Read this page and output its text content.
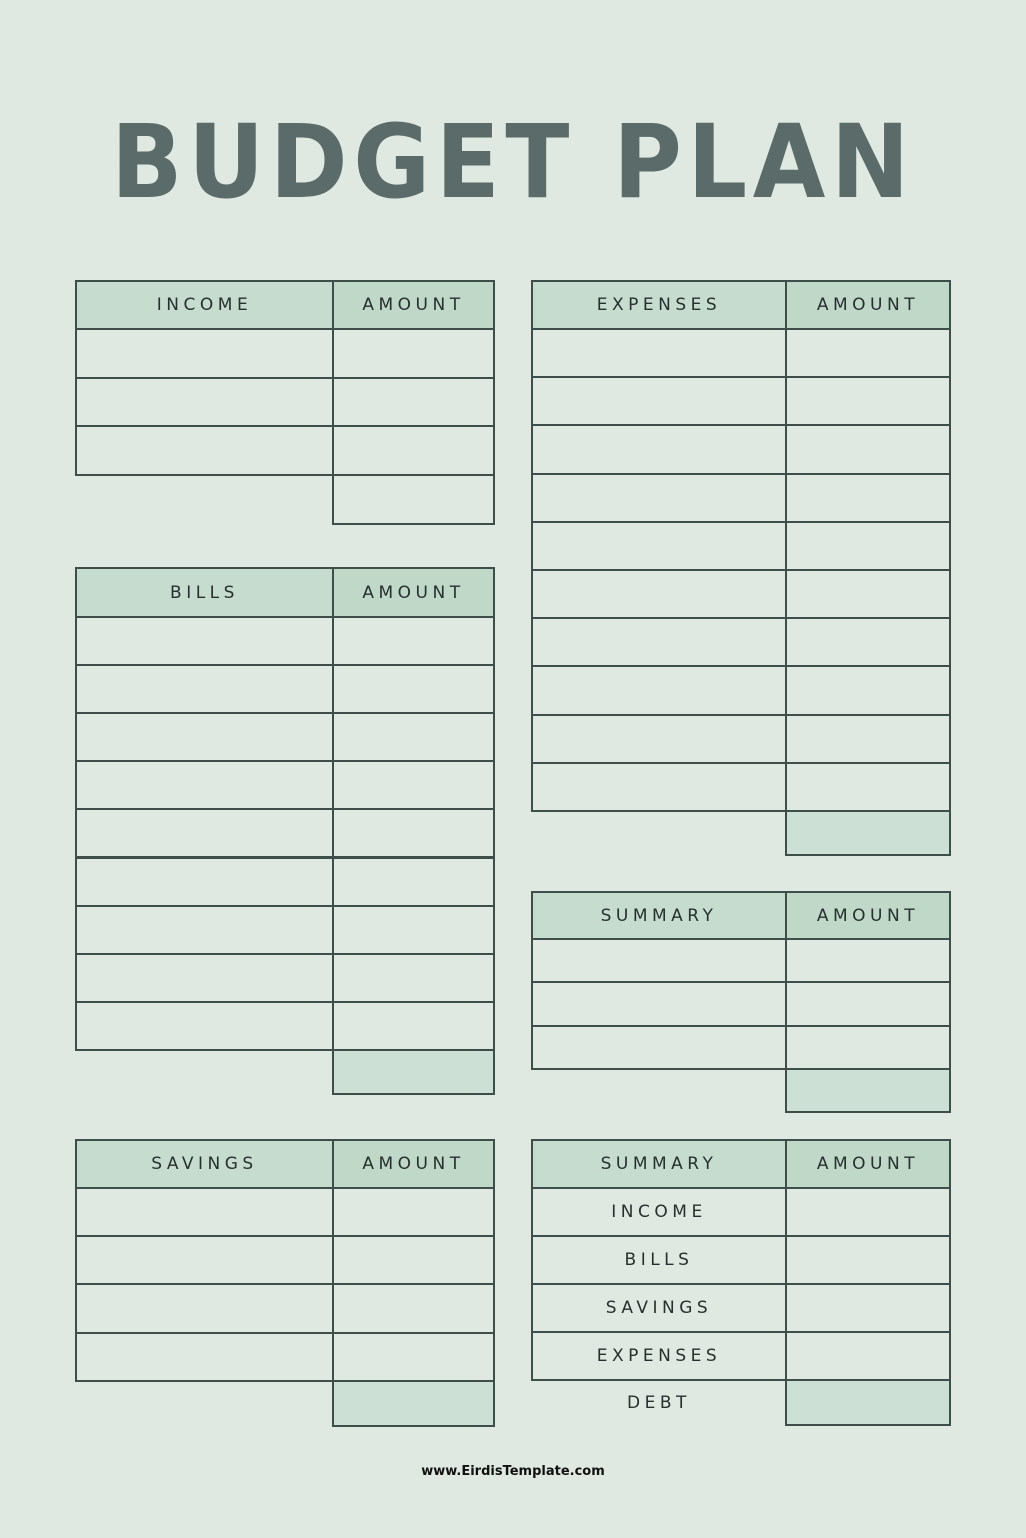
BUDGET PLAN
INCOME	AMOUNT
BILLS	AMOUNT
SAVINGS	AMOUNT
EXPENSES	AMOUNT
SUMMARY	AMOUNT
SUMMARY	AMOUNT
INCOME
BILLS
SAVINGS
EXPENSES
DEBT
www.EirdisTemplate.com
